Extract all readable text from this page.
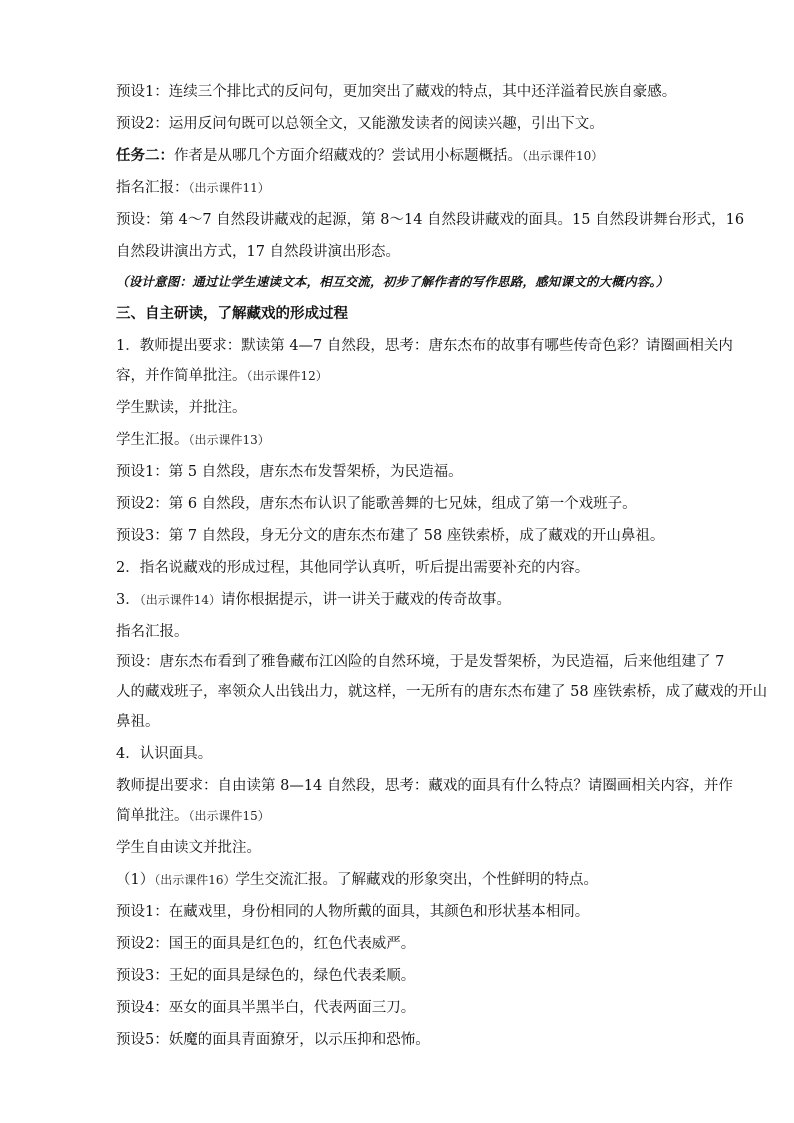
预设1：连续三个排比式的反问句，更加突出了藏戏的特点，其中还洋溢着民族自豪感。
预设2：运用反问句既可以总领全文，又能激发读者的阅读兴趣，引出下文。
任务二：作者是从哪几个方面介绍藏戏的？尝试用小标题概括。（出示课件10）
指名汇报：（出示课件11）
预设：第 4～7 自然段讲藏戏的起源，第 8～14 自然段讲藏戏的面具。15 自然段讲舞台形式，16
自然段讲演出方式，17 自然段讲演出形态。
（设计意图：通过让学生速读文本，相互交流，初步了解作者的写作思路，感知课文的大概内容。）
三、自主研读，了解藏戏的形成过程
1．教师提出要求：默读第 4—7 自然段，思考：唐东杰布的故事有哪些传奇色彩？请圈画相关内
容，并作简单批注。（出示课件12）
学生默读，并批注。
学生汇报。（出示课件13）
预设1：第 5 自然段，唐东杰布发誓架桥，为民造福。
预设2：第 6 自然段，唐东杰布认识了能歌善舞的七兄妹，组成了第一个戏班子。
预设3：第 7 自然段，身无分文的唐东杰布建了 58 座铁索桥，成了藏戏的开山鼻祖。
2．指名说藏戏的形成过程，其他同学认真听，听后提出需要补充的内容。
3．（出示课件14）请你根据提示，讲一讲关于藏戏的传奇故事。
指名汇报。
预设：唐东杰布看到了雅鲁藏布江凶险的自然环境，于是发誓架桥，为民造福，后来他组建了 7
人的藏戏班子，率领众人出钱出力，就这样，一无所有的唐东杰布建了 58 座铁索桥，成了藏戏的开山
鼻祖。
4．认识面具。
教师提出要求：自由读第 8—14 自然段，思考：藏戏的面具有什么特点？请圈画相关内容，并作
简单批注。（出示课件15）
学生自由读文并批注。
（1）（出示课件16）学生交流汇报。了解藏戏的形象突出，个性鲜明的特点。
预设1：在藏戏里，身份相同的人物所戴的面具，其颜色和形状基本相同。
预设2：国王的面具是红色的，红色代表威严。
预设3：王妃的面具是绿色的，绿色代表柔顺。
预设4：巫女的面具半黑半白，代表两面三刀。
预设5：妖魔的面具青面獠牙，以示压抑和恐怖。
